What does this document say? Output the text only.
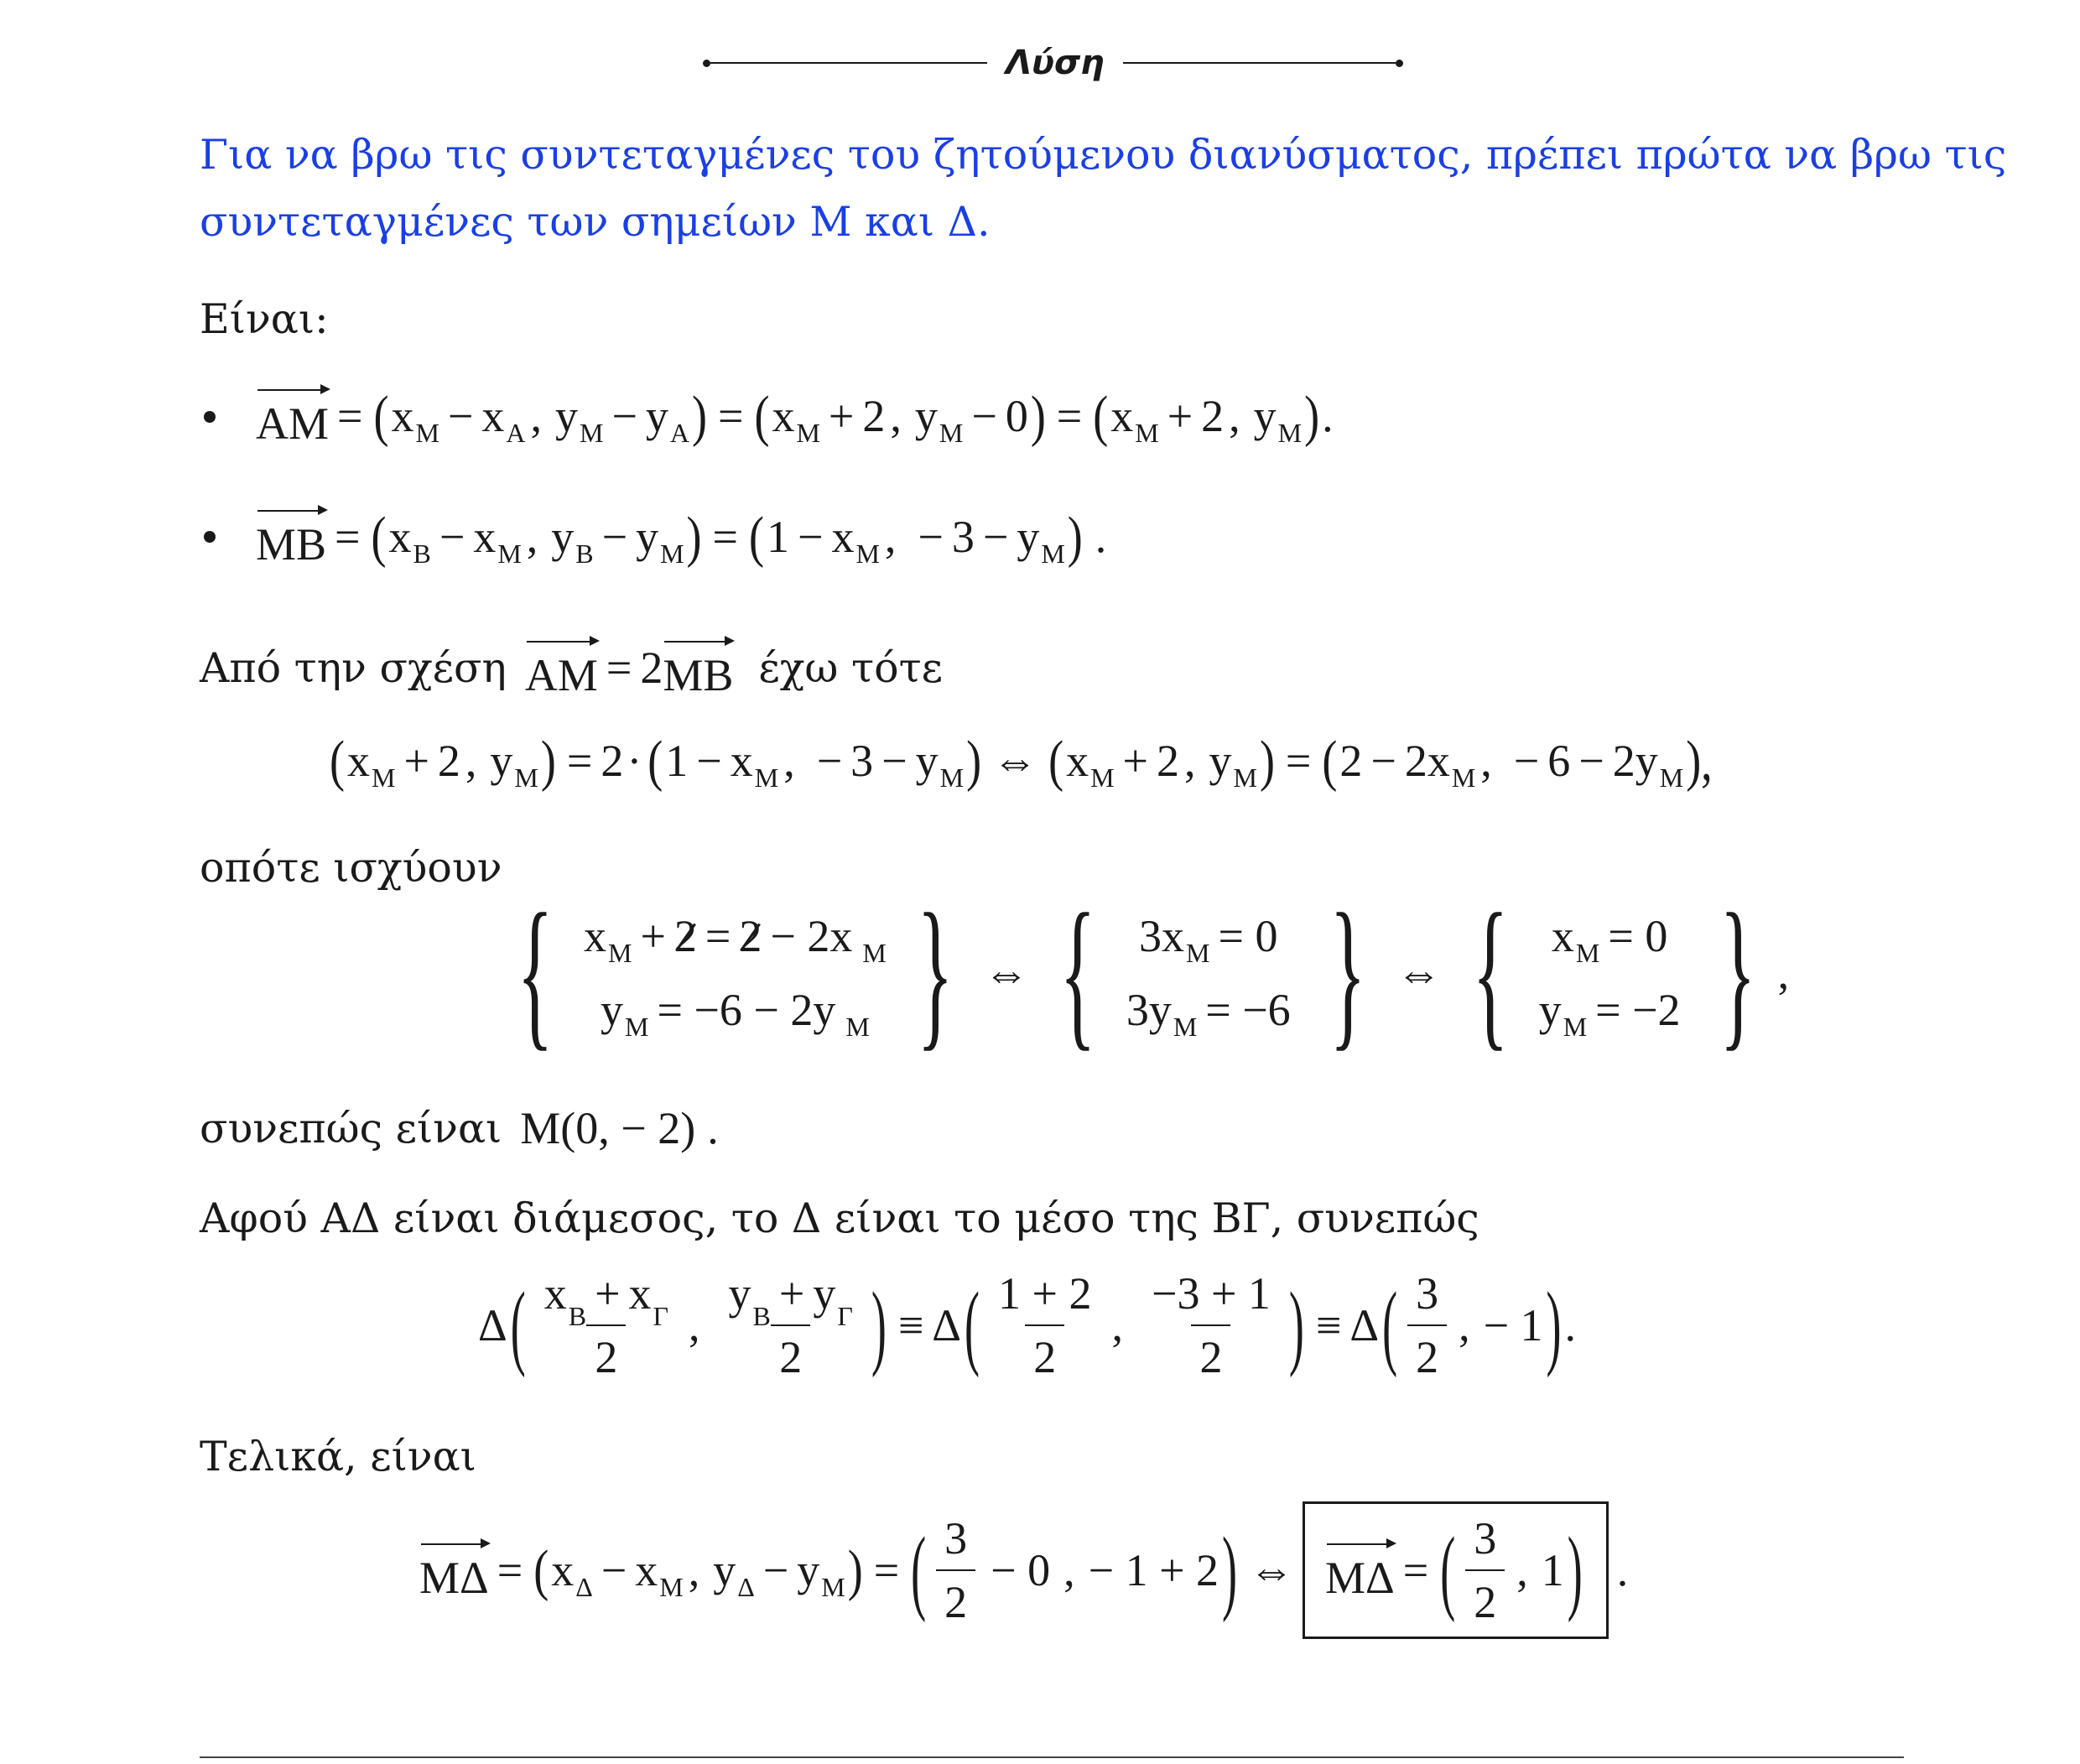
Λύση
Για να βρω τις συντεταγμένες του ζητούμενου διανύσματος, πρέπει πρώτα να βρω τις
συντεταγμένες των σημείων Μ και Δ.
Είναι:
AM = ( x M − x A , y M − y A ) = ( x M + 2 , y M − 0 ) = ( x M + 2 , y M ) .
MB = ( x B − x M , y B − y M ) = ( 1 − x M , − 3 − y M ) .
Από την σχέση AM = 2 MB έχω τότε
( x M + 2 , y M ) = 2 · ( 1 − x M , − 3 − y M ) ⇔ ( x M + 2 , y M ) = ( 2 − 2x M , − 6 − 2y M ),
οπότε ισχύουν
{ x M + 2 = 2 − 2x M
y M = −6 − 2y M } ⇔ { 3x M = 0
3y M = −6 } ⇔ { x M = 0
y M = −2 } ,
συνεπώς είναι M(0, − 2) .
Αφού ΑΔ είναι διάμεσος, το Δ είναι το μέσο της ΒΓ, συνεπώς
Δ ( $\frac{x_B + x_\Gamma}{2}$ , $\frac{y_B + y_\Gamma}{2}$ ) ≡ Δ ( $\frac{1 + 2}{2}$ , $\frac{-3 + 1}{2}$ ) ≡ Δ ( $\frac{3}{2}$ , − 1 ) .
Τελικά, είναι
MΔ = ( x Δ − x M , y Δ − y M ) = ( $\frac{3}{2} - 0$ , − 1 + 2 ) ⇔ MΔ = ( $\frac{3}{2}$ , 1 ) .
